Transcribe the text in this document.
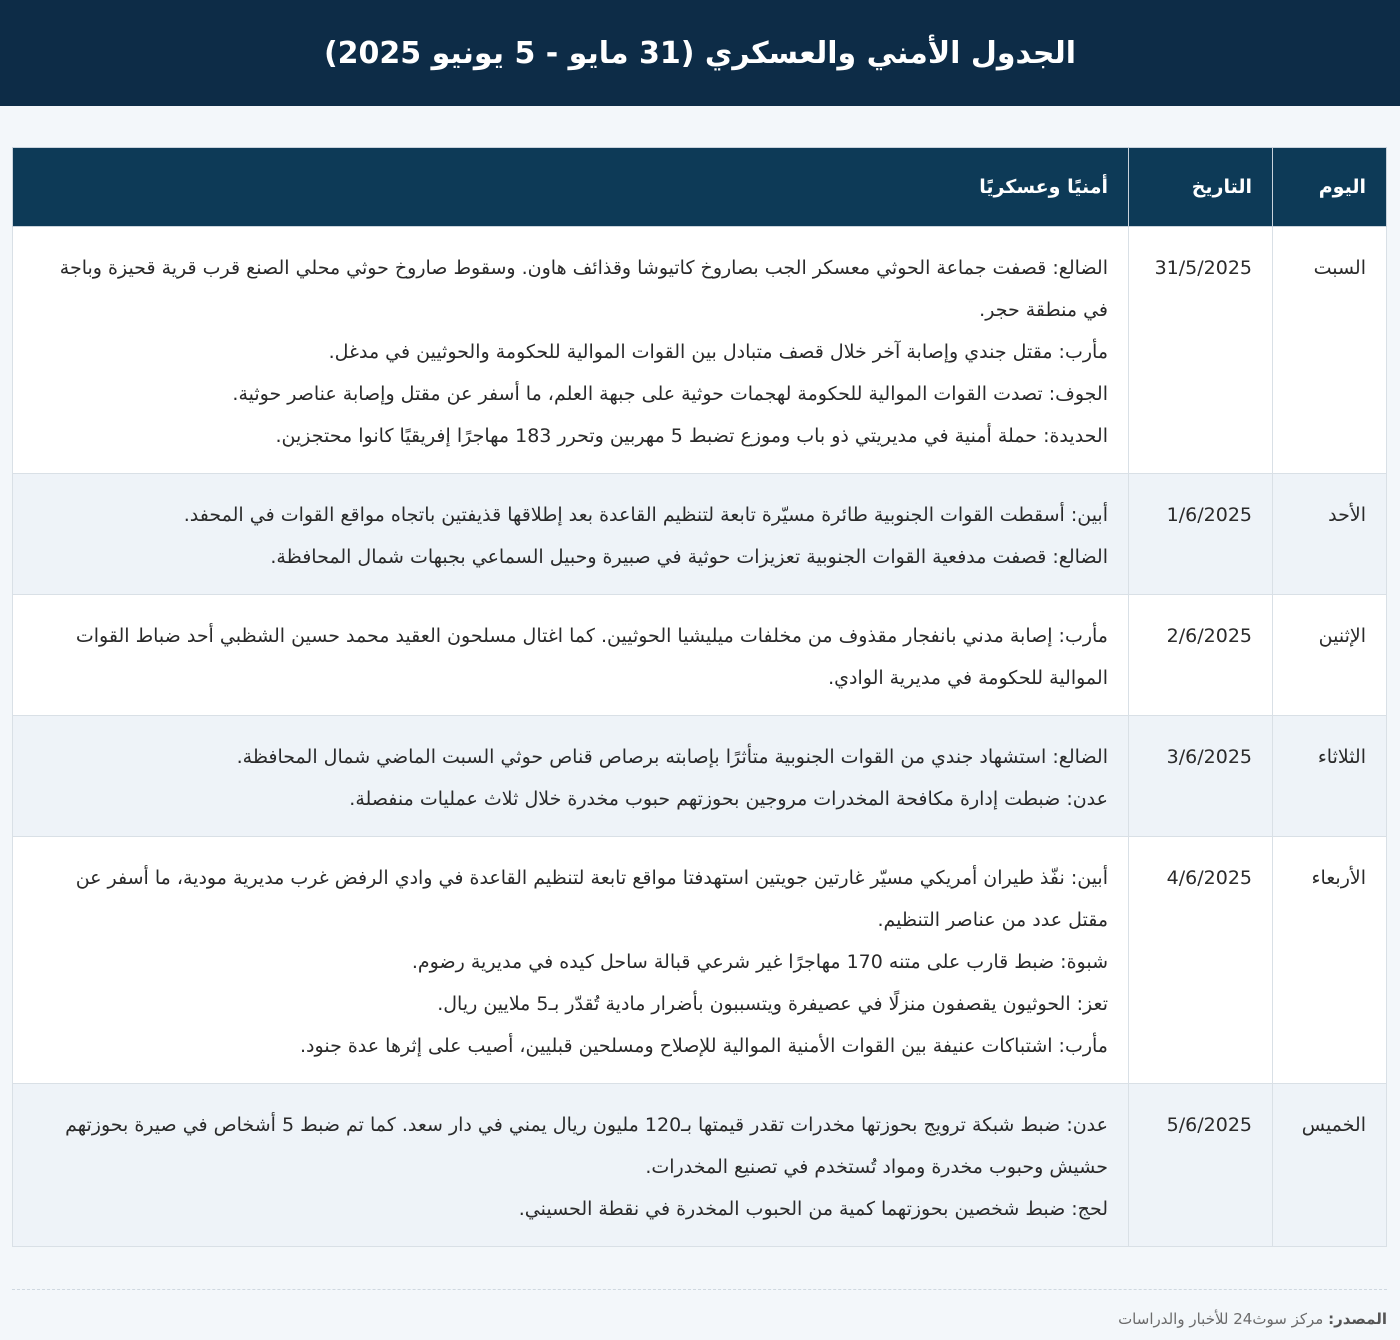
الجدول الأمني والعسكري (31 مايو - 5 يونيو 2025)
اليوم	التاريخ	أمنيًا وعسكريًا
السبت	31/5/2025	الضالع: قصفت جماعة الحوثي معسكر الجب بصاروخ كاتيوشا وقذائف هاون. وسقوط صاروخ حوثي محلي الصنع قرب قرية قحيزة وباجة في منطقة حجر.
مأرب: مقتل جندي وإصابة آخر خلال قصف متبادل بين القوات الموالية للحكومة والحوثيين في مدغل.
الجوف: تصدت القوات الموالية للحكومة لهجمات حوثية على جبهة العلم، ما أسفر عن مقتل وإصابة عناصر حوثية.
الحديدة: حملة أمنية في مديريتي ذو باب وموزع تضبط 5 مهربين وتحرر 183 مهاجرًا إفريقيًا كانوا محتجزين.

الأحد	1/6/2025	أبين: أسقطت القوات الجنوبية طائرة مسيّرة تابعة لتنظيم القاعدة بعد إطلاقها قذيفتين باتجاه مواقع القوات في المحفد.
الضالع: قصفت مدفعية القوات الجنوبية تعزيزات حوثية في صبيرة وحبيل السماعي بجبهات شمال المحافظة.

الإثنين	2/6/2025	مأرب: إصابة مدني بانفجار مقذوف من مخلفات ميليشيا الحوثيين. كما اغتال مسلحون العقيد محمد حسين الشظبي أحد ضباط القوات الموالية للحكومة في مديرية الوادي.

الثلاثاء	3/6/2025	الضالع: استشهاد جندي من القوات الجنوبية متأثرًا بإصابته برصاص قناص حوثي السبت الماضي شمال المحافظة.
عدن: ضبطت إدارة مكافحة المخدرات مروجين بحوزتهم حبوب مخدرة خلال ثلاث عمليات منفصلة.

الأربعاء	4/6/2025	أبين: نفّذ طيران أمريكي مسيّر غارتين جويتين استهدفتا مواقع تابعة لتنظيم القاعدة في وادي الرفض غرب مديرية مودية، ما أسفر عن مقتل عدد من عناصر التنظيم.
شبوة: ضبط قارب على متنه 170 مهاجرًا غير شرعي قبالة ساحل كيده في مديرية رضوم.
تعز: الحوثيون يقصفون منزلًا في عصيفرة ويتسببون بأضرار مادية تُقدّر بـ5 ملايين ريال.
مأرب: اشتباكات عنيفة بين القوات الأمنية الموالية للإصلاح ومسلحين قبليين، أصيب على إثرها عدة جنود.

الخميس	5/6/2025	عدن: ضبط شبكة ترويج بحوزتها مخدرات تقدر قيمتها بـ120 مليون ريال يمني في دار سعد. كما تم ضبط 5 أشخاص في صيرة بحوزتهم حشيش وحبوب مخدرة ومواد تُستخدم في تصنيع المخدرات.
لحج: ضبط شخصين بحوزتهما كمية من الحبوب المخدرة في نقطة الحسيني.
المصدر: مركز سوث24 للأخبار والدراسات
